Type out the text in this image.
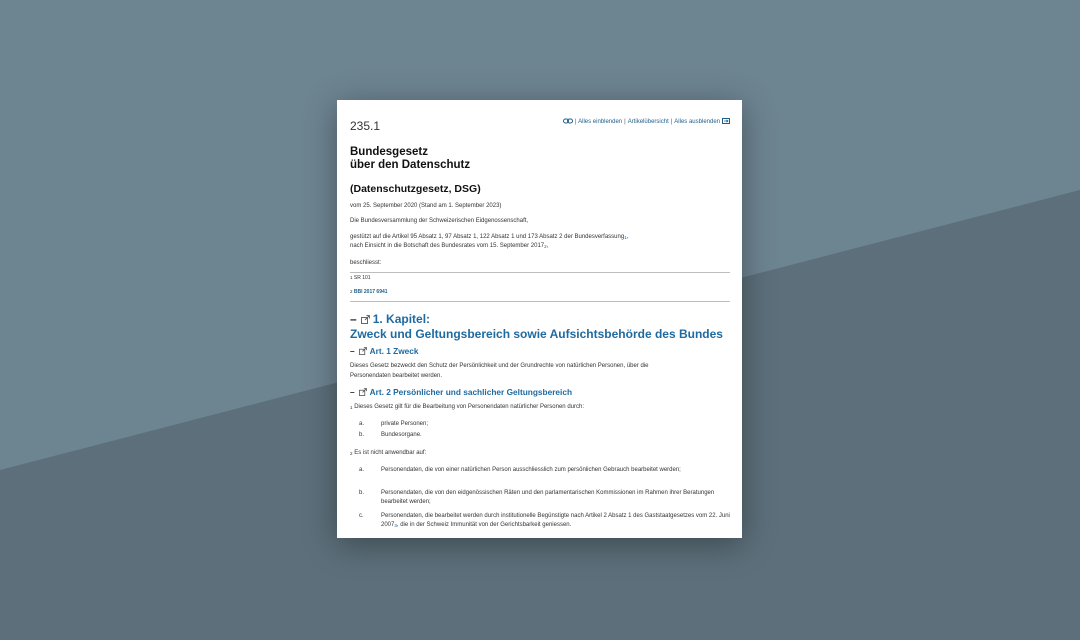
| Alles einblenden | Artikelübersicht | Alles ausblenden
235.1
Bundesgesetz
über den Datenschutz
(Datenschutzgesetz, DSG)
vom 25. September 2020 (Stand am 1. September 2023)
Die Bundesversammlung der Schweizerischen Eidgenossenschaft,
gestützt auf die Artikel 95 Absatz 1, 97 Absatz 1, 122 Absatz 1 und 173 Absatz 2 der Bundesverfassung$^1$,
nach Einsicht in die Botschaft des Bundesrates vom 15. September 2017$^2$,
beschliesst:
$^1$ SR 101
$^2$ BBl 2017 6941
– 1. Kapitel:
Zweck und Geltungsbereich sowie Aufsichtsbehörde des Bundes
– Art. 1 Zweck
Dieses Gesetz bezweckt den Schutz der Persönlichkeit und der Grundrechte von natürlichen Personen, über die
Personendaten bearbeitet werden.
– Art. 2 Persönlicher und sachlicher Geltungsbereich
$^1$ Dieses Gesetz gilt für die Bearbeitung von Personendaten natürlicher Personen durch:
a.	private Personen;
b.	Bundesorgane.
$^2$ Es ist nicht anwendbar auf:
a.	Personendaten, die von einer natürlichen Person ausschliesslich zum persönlichen Gebrauch bearbeitet werden;
b.	Personendaten, die von den eidgenössischen Räten und den parlamentarischen Kommissionen im Rahmen ihrer Beratungen bearbeitet werden;
c.	Personendaten, die bearbeitet werden durch institutionelle Begünstigte nach Artikel 2 Absatz 1 des Gaststaatgesetzes vom 22. Juni 2007$^3$, die in der Schweiz Immunität von der Gerichtsbarkeit geniessen.
